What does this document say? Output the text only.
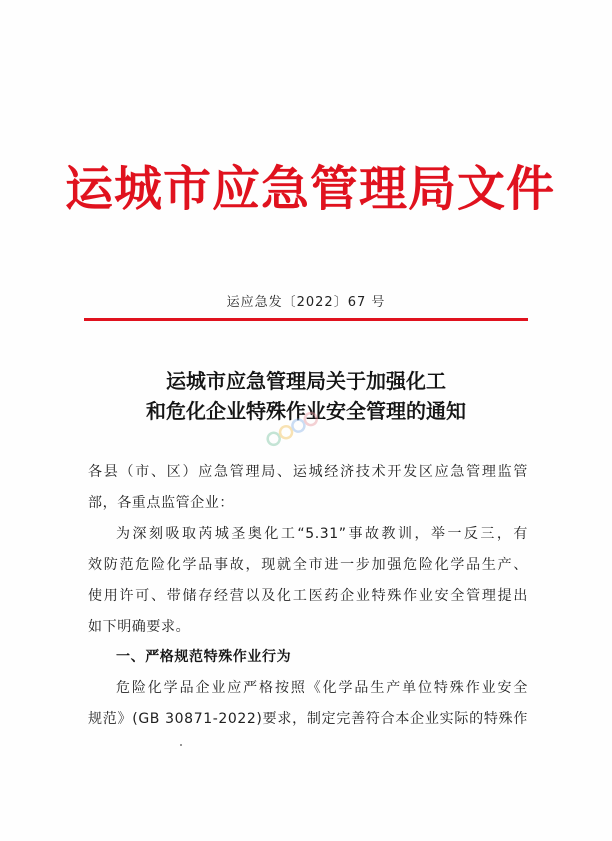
运城市应急管理局文件
运应急发〔2022〕67 号
运城市应急管理局关于加强化工
和危化企业特殊作业安全管理的通知
各县（市、区）应急管理局、运城经济技术开发区应急管理监管
部，各重点监管企业：
为深刻吸取芮城圣奥化工“5.31”事故教训，举一反三，有
效防范危险化学品事故，现就全市进一步加强危险化学品生产、
使用许可、带储存经营以及化工医药企业特殊作业安全管理提出
如下明确要求。
一、严格规范特殊作业行为
危险化学品企业应严格按照《化学品生产单位特殊作业安全
规范》(GB 30871-2022)要求，制定完善符合本企业实际的特殊作
